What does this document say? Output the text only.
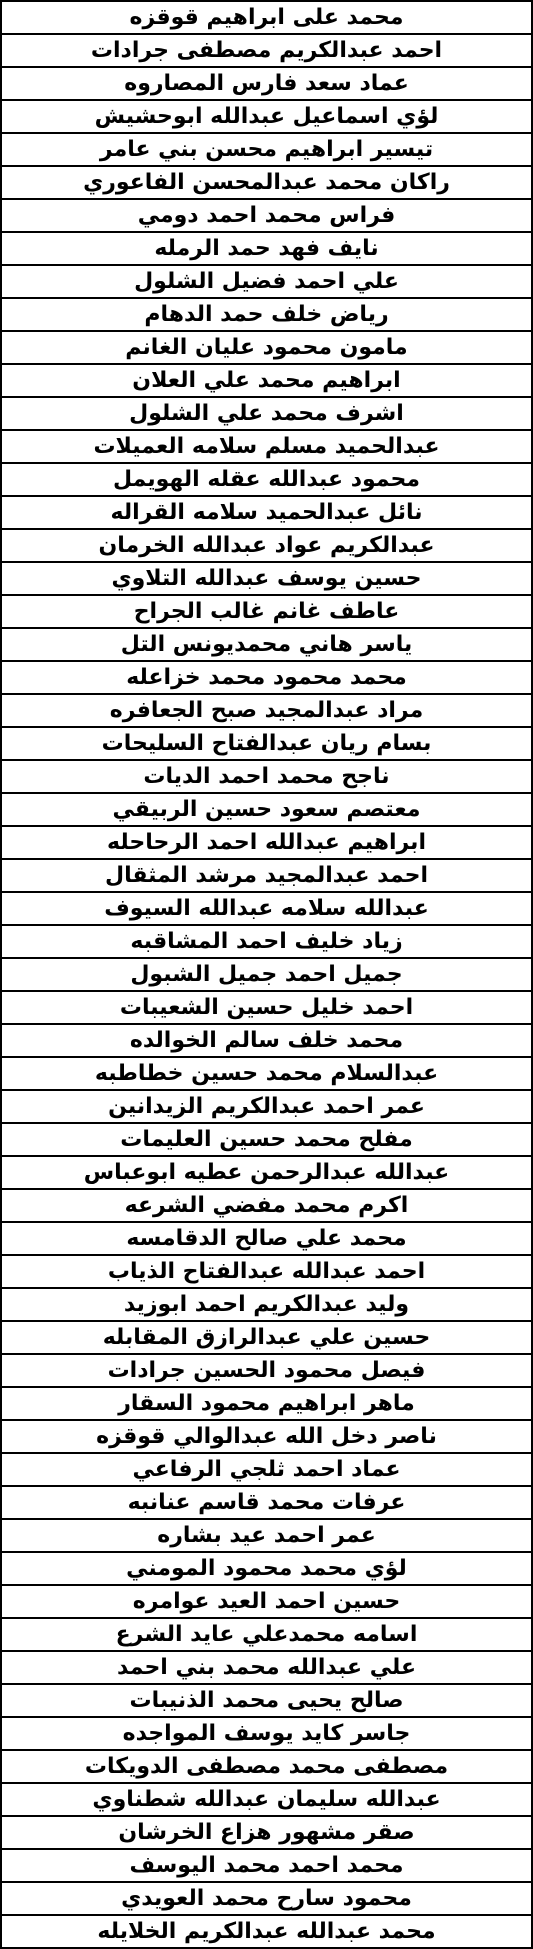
محمد على ابراهيم قوقزه
احمد عبدالكريم مصطفى جرادات
عماد سعد فارس المصاروه
لؤي اسماعيل عبدالله ابوحشيش
تيسير ابراهيم محسن بني عامر
راكان محمد عبدالمحسن الفاعوري
فراس محمد احمد دومي
نايف فهد حمد الرمله
علي احمد فضيل الشلول
رياض خلف حمد الدهام
مامون محمود عليان الغانم
ابراهيم محمد علي العلان
اشرف محمد علي الشلول
عبدالحميد مسلم سلامه العميلات
محمود عبدالله عقله الهويمل
نائل عبدالحميد سلامه القراله
عبدالكريم عواد عبدالله الخرمان
حسين يوسف عبدالله التلاوي
عاطف غانم غالب الجراح
ياسر هاني محمديونس التل
محمد محمود محمد خزاعله
مراد عبدالمجيد صبح الجعافره
بسام ريان عبدالفتاح السليحات
ناجح محمد احمد الديات
معتصم سعود حسين الربيقي
ابراهيم عبدالله احمد الرحاحله
احمد عبدالمجيد مرشد المثقال
عبدالله سلامه عبدالله السيوف
زياد خليف احمد المشاقبه
جميل احمد جميل الشبول
احمد خليل حسين الشعيبات
محمد خلف سالم الخوالده
عبدالسلام محمد حسين خطاطبه
عمر احمد عبدالكريم الزيدانين
مفلح محمد حسين العليمات
عبدالله عبدالرحمن عطيه ابوعباس
اكرم محمد مفضي الشرعه
محمد علي صالح الدقامسه
احمد عبدالله عبدالفتاح الذياب
وليد عبدالكريم احمد ابوزيد
حسين علي عبدالرازق المقابله
فيصل محمود الحسين جرادات
ماهر ابراهيم محمود السقار
ناصر دخل الله عبدالوالي قوقزه
عماد احمد ثلجي الرفاعي
عرفات محمد قاسم عنانبه
عمر احمد عيد بشاره
لؤي محمد محمود المومني
حسين احمد العيد عوامره
اسامه محمدعلي عايد الشرع
علي عبدالله محمد بني احمد
صالح يحيى محمد الذنيبات
جاسر كايد يوسف المواجده
مصطفى محمد مصطفى الدويكات
عبدالله سليمان عبدالله شطناوي
صقر مشهور هزاع الخرشان
محمد احمد محمد اليوسف
محمود سارح محمد العويدي
محمد عبدالله عبدالكريم الخلايله
